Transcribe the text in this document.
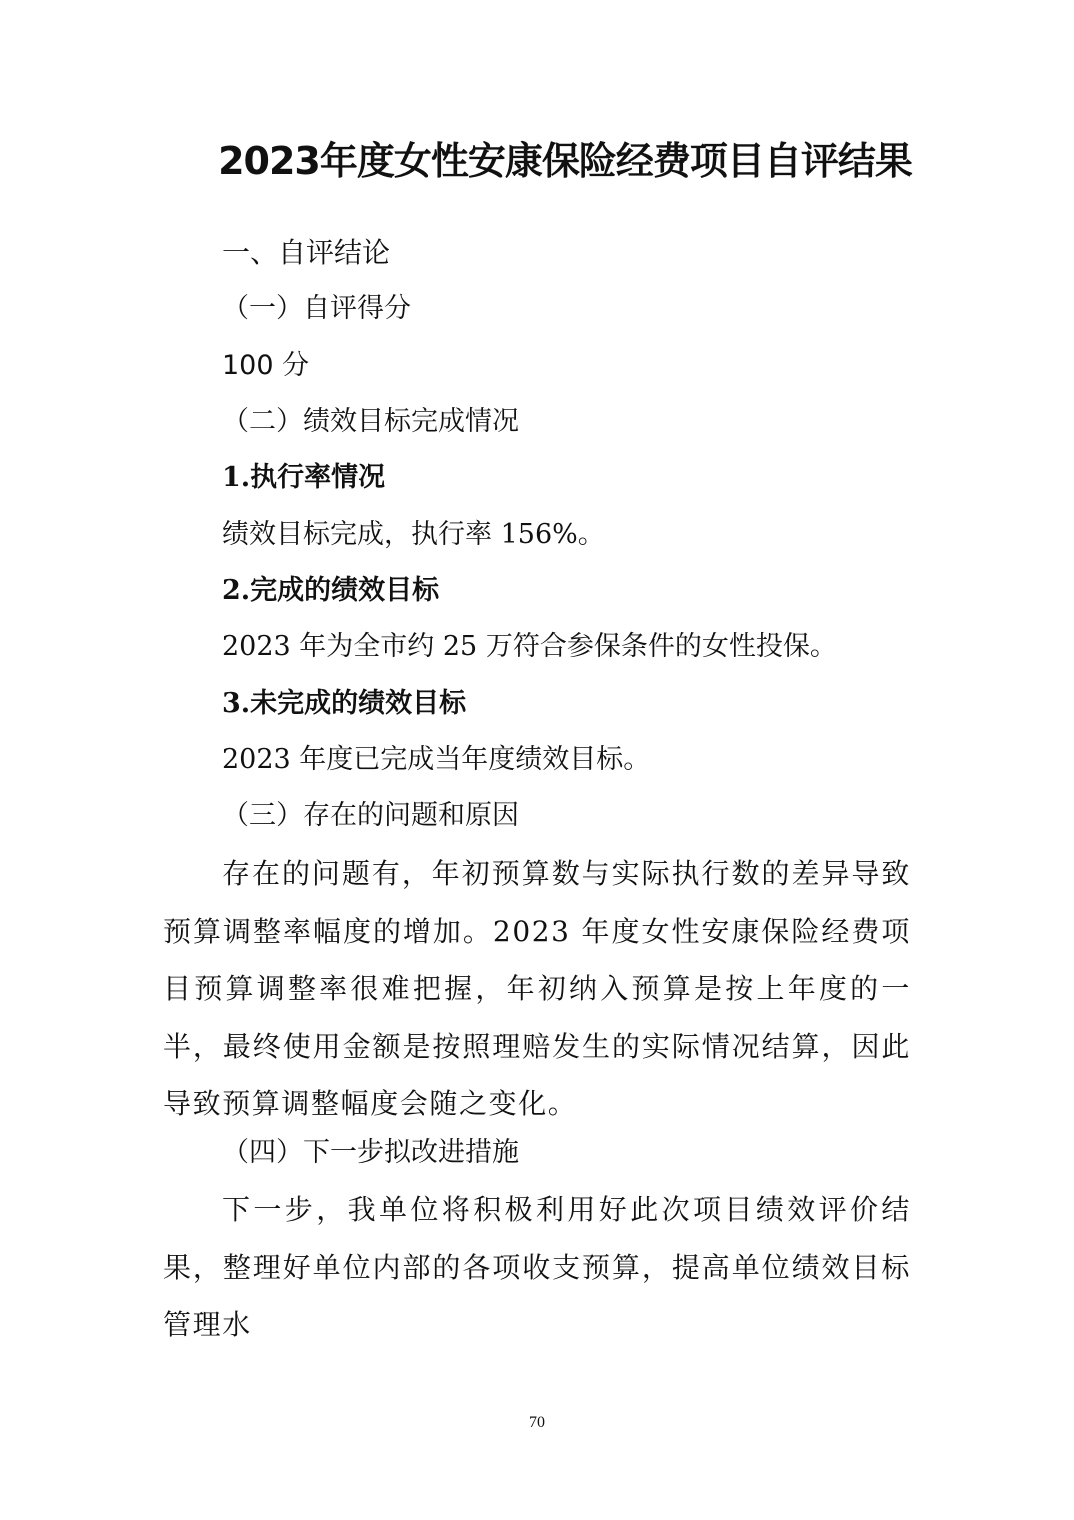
2023年度女性安康保险经费项目自评结果

一、自评结论

（一）自评得分

100 分

（二）绩效目标完成情况

1.执行率情况

绩效目标完成，执行率 156%。

2.完成的绩效目标

2023 年为全市约 25 万符合参保条件的女性投保。

3.未完成的绩效目标

2023 年度已完成当年度绩效目标。

（三）存在的问题和原因

存在的问题有，年初预算数与实际执行数的差异导致预算调整率幅度的增加。2023 年度女性安康保险经费项目预算调整率很难把握，年初纳入预算是按上年度的一半，最终使用金额是按照理赔发生的实际情况结算，因此导致预算调整幅度会随之变化。

（四）下一步拟改进措施

下一步，我单位将积极利用好此次项目绩效评价结果，整理好单位内部的各项收支预算，提高单位绩效目标管理水

70
